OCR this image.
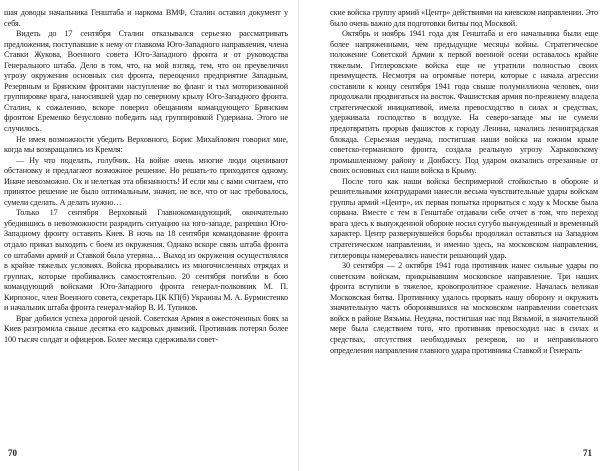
шая доводы начальника Генштаба и наркома ВМФ, Сталин оставил документ у себя.

Видеть до 17 сентября Сталин отказывался серьезно рассматривать предложения, поступавшие к нему от главкома Юго-Западного направления, члена Ставки Жукова, Военного совета Юго-Западного фронта и от руководства Генерального штаба. Дело в том, что, на мой взгляд, тем, что он преувеличил угрозу окружения основных сил фронта, переоценил предприятие Западным, Резервным и Брянским фронтами наступление во фланг и тыл моторизованной группировке врага, наносившей удар по северному крылу Юго-Западного фронта. Сталин, к сожалению, вскоре поверил обещаниям командующего Брянским фронтом Еременко безусловно победить над группировкой Гудериана. Этого не случилось.

Не имея возможности убедить Верховного, Борис Михайлович говорил мне, когда мы возвращались из Кремля:

— Ну что поделать, голубчик. На войне очень многие люди оценивают обстановку и предлагают возможное решение. Но решать-то приходится одному. Иначе невозможно. Ох и нелегкая эта обязанность! И если мы с вами считаем, что принятое решение не было оптимальным, значит, не все, что от нас требовалось, сумели сделать. А делать нужно…

Только 17 сентября Верховный Главнокомандующий, окончательно убедившись в невозможности разрядить ситуацию на юго-западе, разрешил Юго-Западному фронту оставить Киев. В ночь на 18 сентября командование фронта отдало приказ выходить с боем из окружения. Однако вскоре связь штаба фронта со штабами армий и Ставкой была утеряна… Выход из окружения осуществлялся в крайне тяжелых условиях. Войска прорывались из многочисленных отрядах и группах, которые пробивались самостоятельно. 20 сентября погибли в бою командующий войсками Юго-Западного фронта генерал-полковник М. П. Кирпонос, член Военного совета, секретарь ЦК КП(б) Украины М. А. Бурмистенко и начальник штаба фронта генерал-майор В. И. Тупиков.

Враг добился успеха дорогой ценой. Советская Армия в ожесточенных боях за Киев разгромила свыше десятка его кадровых дивизий. Противник потерял более 100 тысяч солдат и офицеров. Более месяца сдерживали совет-

70

ские войска группу армий «Центр» действиями на киевском направлении. Это было очень важно для подготовки битвы под Москвой.

Октябрь и ноябрь 1941 года для Генштаба и его начальника были еще более напряженными, чем предыдущие месяцы войны. Стратегическое положение Советской Армии к первой военной осени оставалось крайне тяжелым. Гитлеровские войска еще не утратили полностью своих преимуществ. Несмотря на огромные потери, которые с начала агрессии составили к концу сентября 1941 года свыше полумиллиона человек, они продолжали продвигаться на восток. Фашистская армия по-прежнему владела стратегической инициативой, имела превосходство в силах и средствах, удерживала господство в воздухе. На северо-западе мы не сумели предотвратить прорыв фашистов к городу Ленина, начались ленинградская блокада. Серьезная неудача, постигшая наши войска на южном крыле советско-германского фронта, создала реальную угрозу Харьковскому промышленному району и Донбассу. Под ударом оказались отрезанные от своих основных сил наши войска в Крыму.

После того как наши войска беспримерной стойкостью в обороне и решительными контрударами нанесли весьма чувствительные удары войскам группы армий «Центр», их первая попытка прорваться с ходу к Москве была сорвана. Вместе с тем в Генштабе отдавали себе отчет в том, что переход врага здесь к вынужденной обороне носил сугубо вынужденный и временный характер. Центр развернувшейся борьбы продолжал оставаться на Западном стратегическом направлении, и именно здесь, на московском направлении, гитлеровцы намеревались нанести решающий удар.

30 сентября — 2 октября 1941 года противник нанес сильные удары по советским войскам, прикрывавшим московское направление. Три наших фронта вступили в тяжелое, кровопролитное сражение. Началась великая Московская битва. Противнику удалось прорвать нашу оборону и окружить значительную часть оборонявшихся на московском направлении советских войск в районе Вязьмы. Неудача, постигшая нас под Вязьмой, в значительной мере была следствием того, что противник превосходил нас в силах и средствах, отсутствия необходимых резервов, но и неправильного определения направления главного удара противника Ставкой и Генераль-

71
